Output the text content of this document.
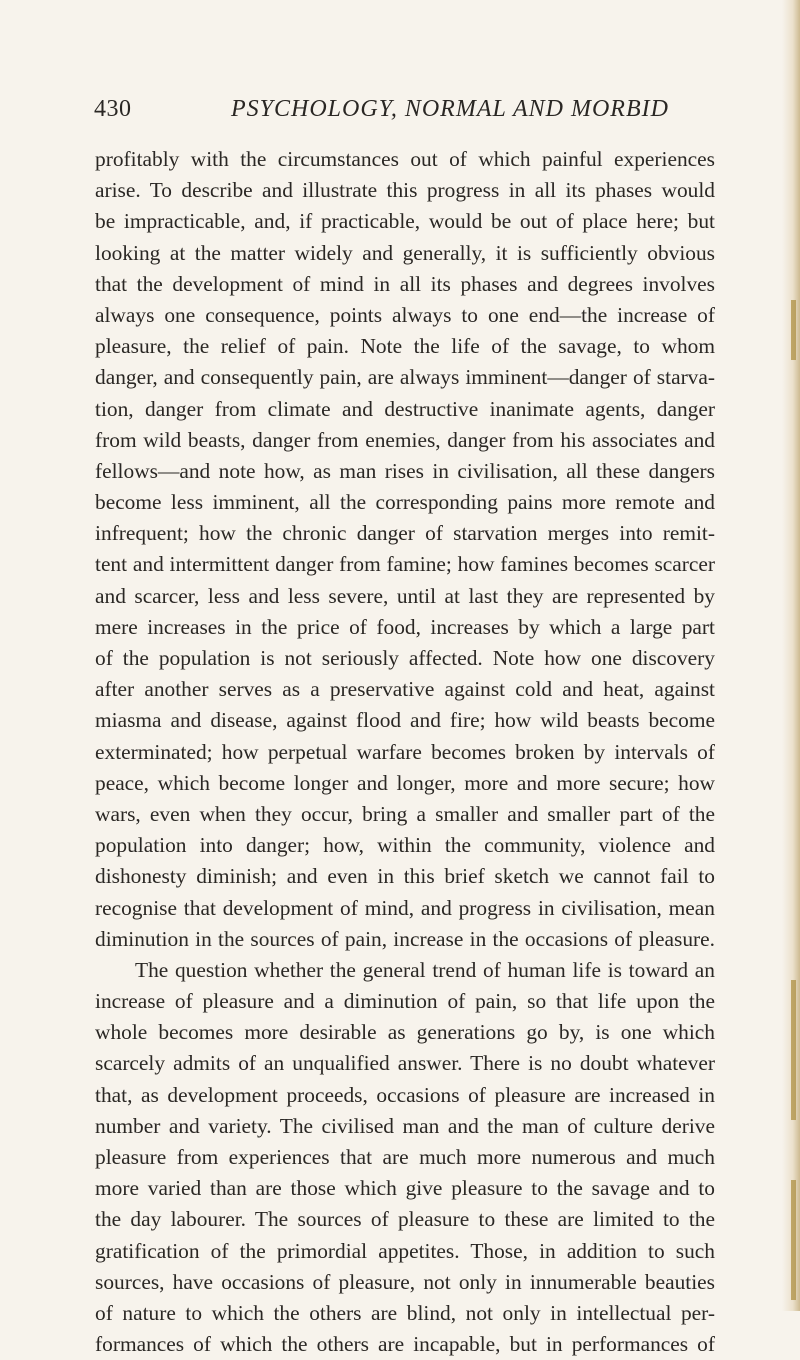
430	PSYCHOLOGY, NORMAL AND MORBID
profitably with the circumstances out of which painful experiences
arise. To describe and illustrate this progress in all its phases would
be impracticable, and, if practicable, would be out of place here; but
looking at the matter widely and generally, it is sufficiently obvious
that the development of mind in all its phases and degrees involves
always one consequence, points always to one end—the increase of
pleasure, the relief of pain. Note the life of the savage, to whom
danger, and consequently pain, are always imminent—danger of starva-
tion, danger from climate and destructive inanimate agents, danger
from wild beasts, danger from enemies, danger from his associates and
fellows—and note how, as man rises in civilisation, all these dangers
become less imminent, all the corresponding pains more remote and
infrequent; how the chronic danger of starvation merges into remit-
tent and intermittent danger from famine; how famines becomes scarcer
and scarcer, less and less severe, until at last they are represented by
mere increases in the price of food, increases by which a large part
of the population is not seriously affected. Note how one discovery
after another serves as a preservative against cold and heat, against
miasma and disease, against flood and fire; how wild beasts become
exterminated; how perpetual warfare becomes broken by intervals of
peace, which become longer and longer, more and more secure; how
wars, even when they occur, bring a smaller and smaller part of the
population into danger; how, within the community, violence and
dishonesty diminish; and even in this brief sketch we cannot fail to
recognise that development of mind, and progress in civilisation, mean
diminution in the sources of pain, increase in the occasions of pleasure.
The question whether the general trend of human life is toward an
increase of pleasure and a diminution of pain, so that life upon the
whole becomes more desirable as generations go by, is one which
scarcely admits of an unqualified answer. There is no doubt whatever
that, as development proceeds, occasions of pleasure are increased in
number and variety. The civilised man and the man of culture derive
pleasure from experiences that are much more numerous and much
more varied than are those which give pleasure to the savage and to
the day labourer. The sources of pleasure to these are limited to the
gratification of the primordial appetites. Those, in addition to such
sources, have occasions of pleasure, not only in innumerable beauties
of nature to which the others are blind, not only in intellectual per-
formances of which the others are incapable, but in performances of
